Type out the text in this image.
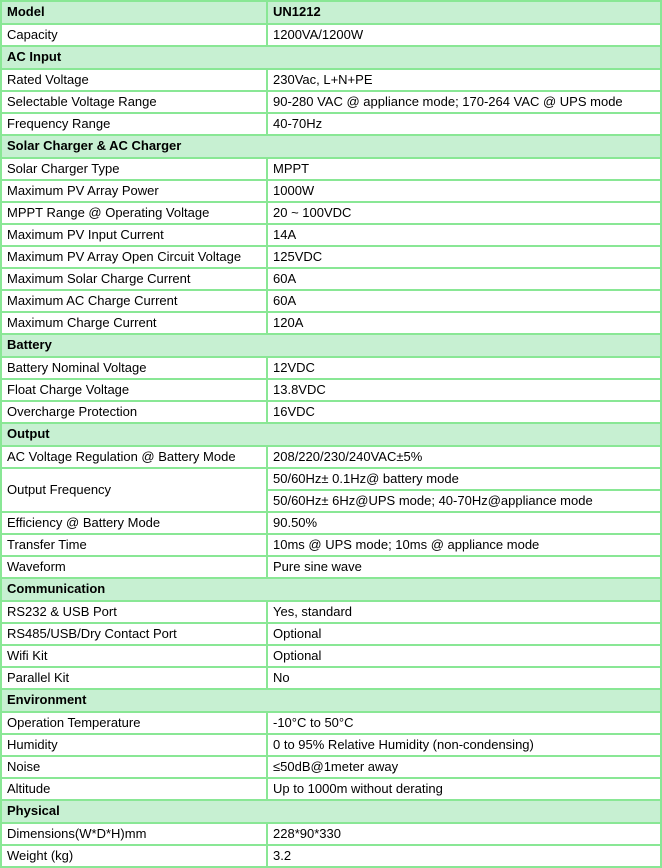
Model	UN1212
Capacity	1200VA/1200W
AC Input	
Rated Voltage	230Vac, L+N+PE
Selectable Voltage Range	90-280 VAC @ appliance mode; 170-264 VAC @ UPS mode
Frequency Range	40-70Hz
Solar Charger & AC Charger	
Solar Charger Type	MPPT
Maximum PV Array Power	1000W
MPPT Range @ Operating Voltage	20 ~ 100VDC
Maximum PV Input Current	14A
Maximum PV Array Open Circuit Voltage	125VDC
Maximum Solar Charge Current	60A
Maximum AC Charge Current	60A
Maximum Charge Current	120A
Battery	
Battery Nominal Voltage	12VDC
Float Charge Voltage	13.8VDC
Overcharge Protection	16VDC
Output	
AC Voltage Regulation @ Battery Mode	208/220/230/240VAC±5%
Output Frequency	50/60Hz± 0.1Hz@ battery mode
	50/60Hz± 6Hz@UPS mode; 40-70Hz@appliance mode
Efficiency @ Battery Mode	90.50%
Transfer Time	10ms @ UPS mode; 10ms @ appliance mode
Waveform	Pure sine wave
Communication	
RS232 & USB Port	Yes, standard
RS485/USB/Dry Contact Port	Optional
Wifi Kit	Optional
Parallel Kit	No
Environment	
Operation Temperature	-10°C to 50°C
Humidity	0 to 95% Relative Humidity (non-condensing)
Noise	≤50dB@1meter away
Altitude	Up to 1000m without derating
Physical	
Dimensions(W*D*H)mm	228*90*330
Weight (kg)	3.2
